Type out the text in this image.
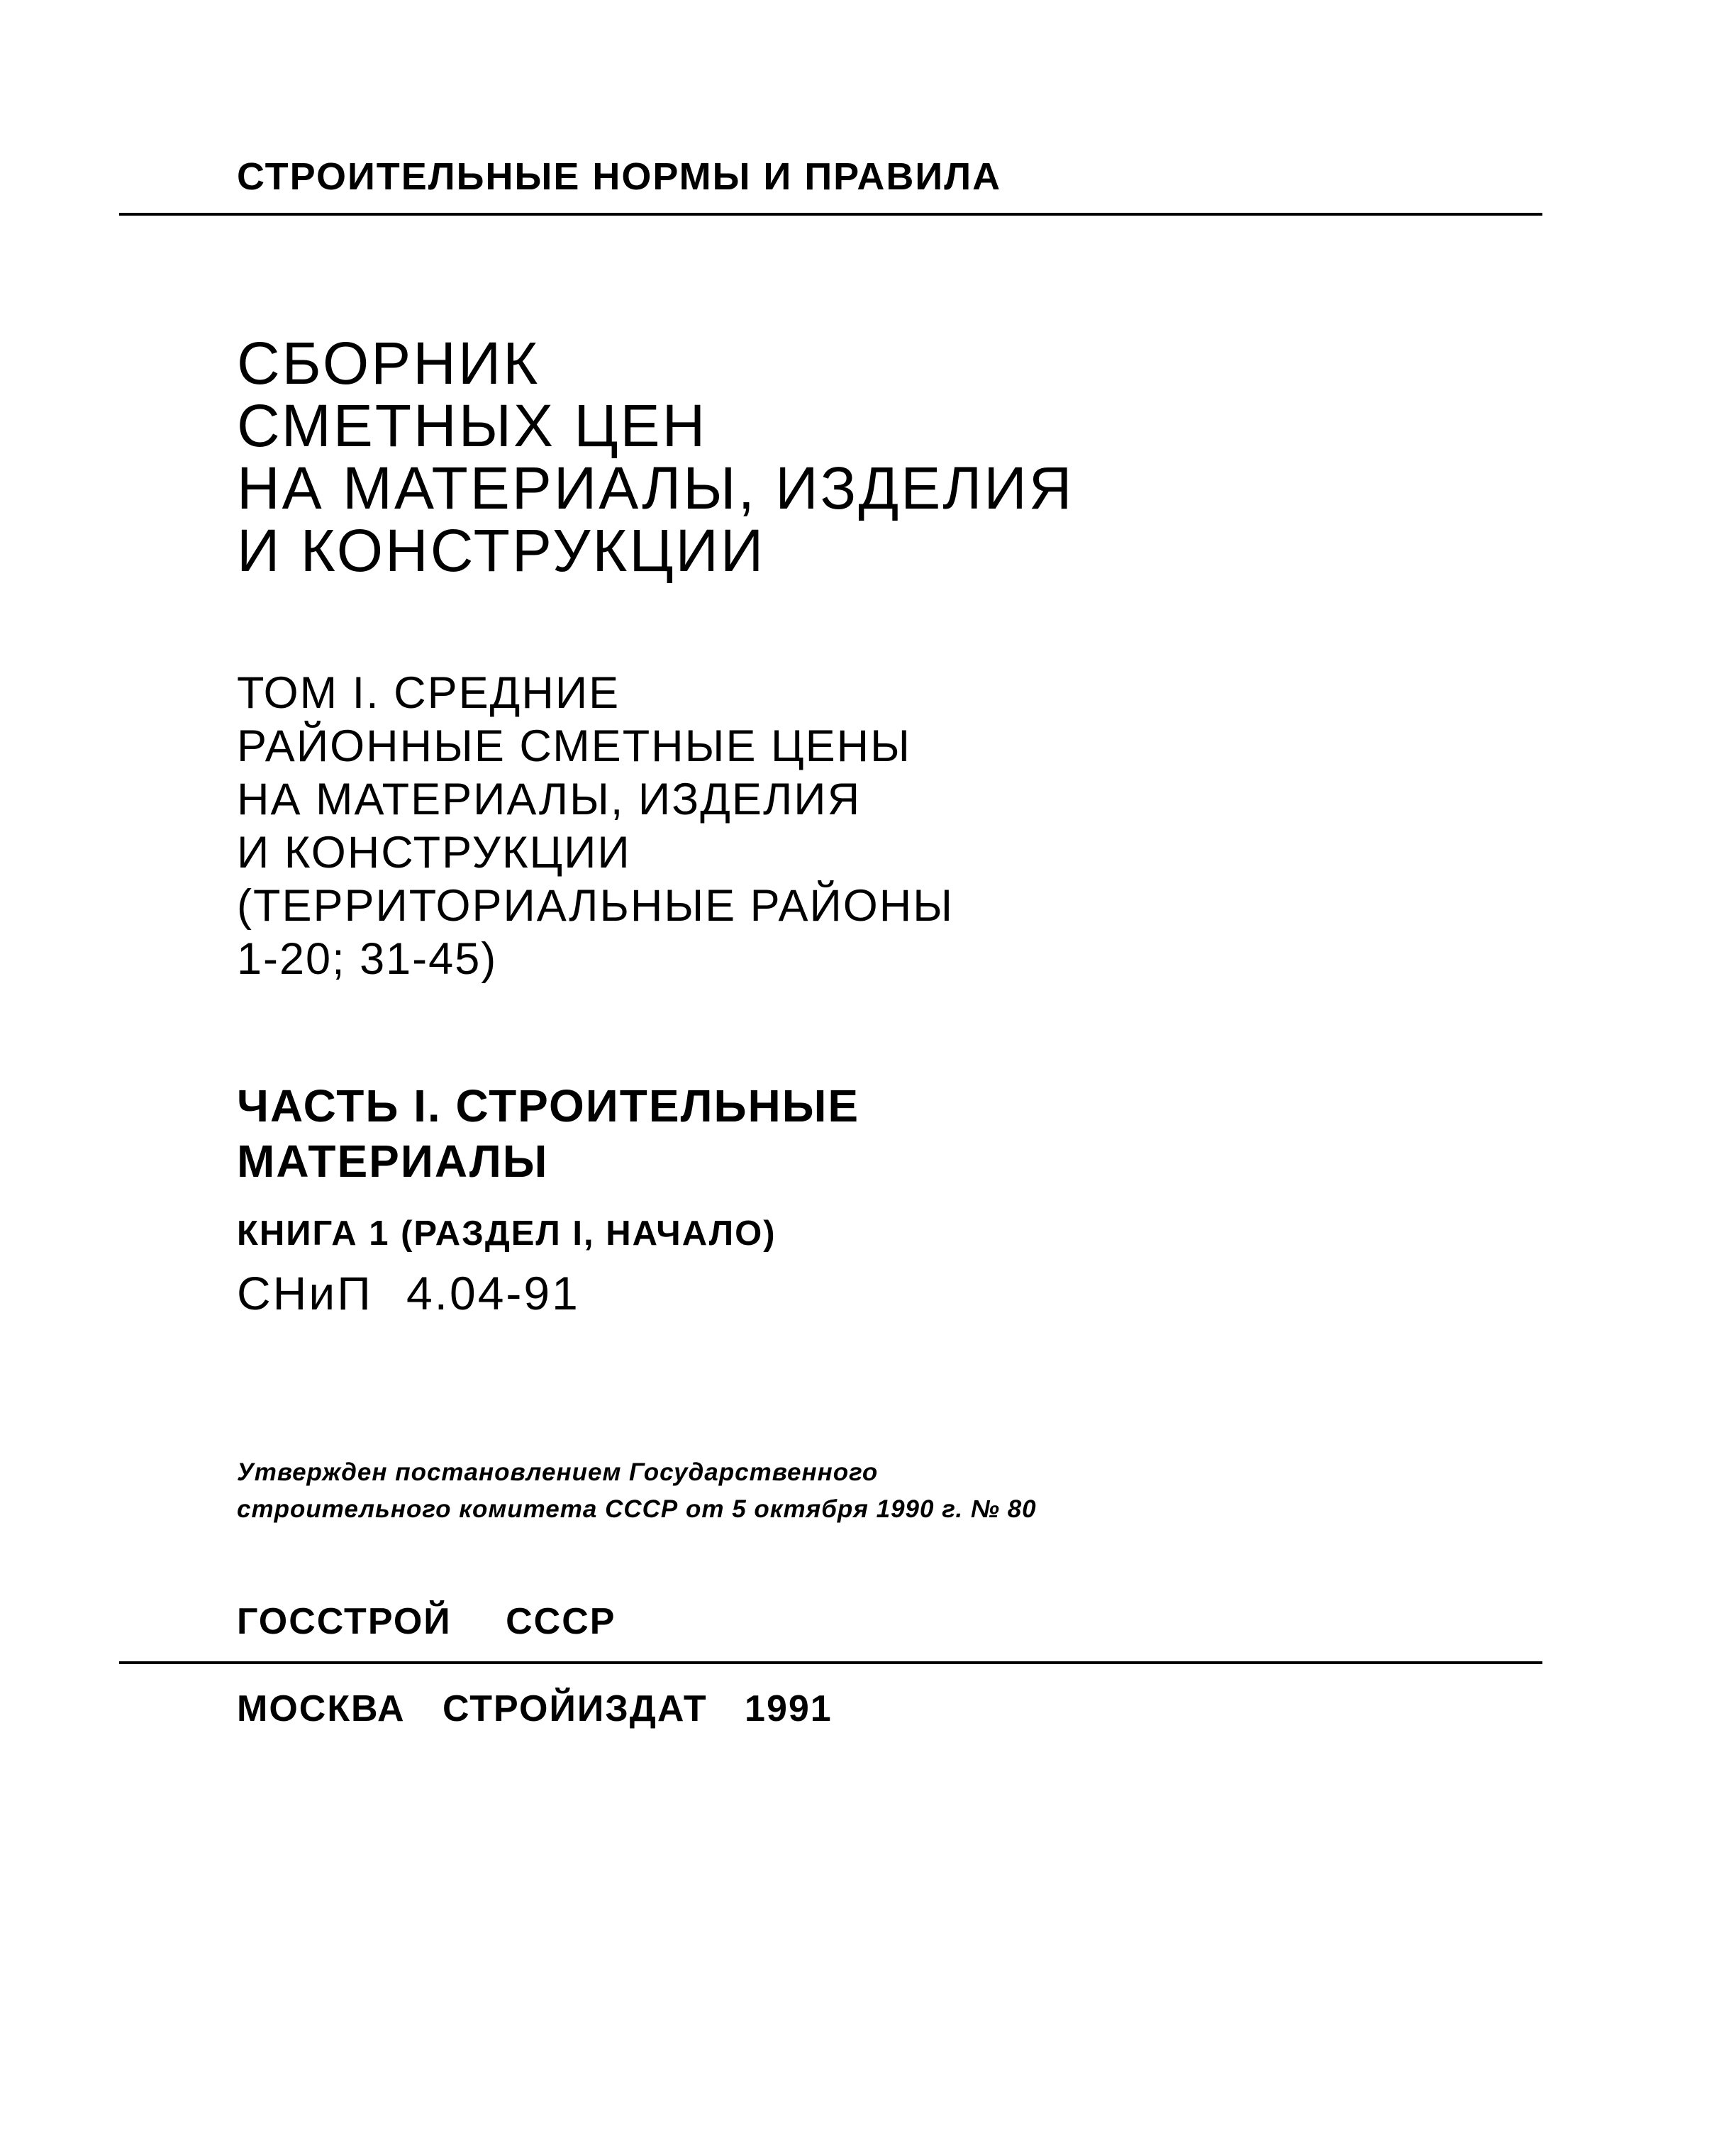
СТРОИТЕЛЬНЫЕ НОРМЫ И ПРАВИЛА
СБОРНИК
СМЕТНЫХ ЦЕН
НА МАТЕРИАЛЫ, ИЗДЕЛИЯ
И КОНСТРУКЦИИ
ТОМ I. СРЕДНИЕ
РАЙОННЫЕ СМЕТНЫЕ ЦЕНЫ
НА МАТЕРИАЛЫ, ИЗДЕЛИЯ
И КОНСТРУКЦИИ
(ТЕРРИТОРИАЛЬНЫЕ РАЙОНЫ
1-20; 31-45)
ЧАСТЬ I. СТРОИТЕЛЬНЫЕ
МАТЕРИАЛЫ
КНИГА 1 (РАЗДЕЛ I, НАЧАЛО)
СНиП 4.04-91
Утвержден постановлением Государственного
строительного комитета СССР от 5 октября 1990 г. № 80
ГОССТРОЙ СССР
МОСКВА СТРОЙИЗДАТ 1991
